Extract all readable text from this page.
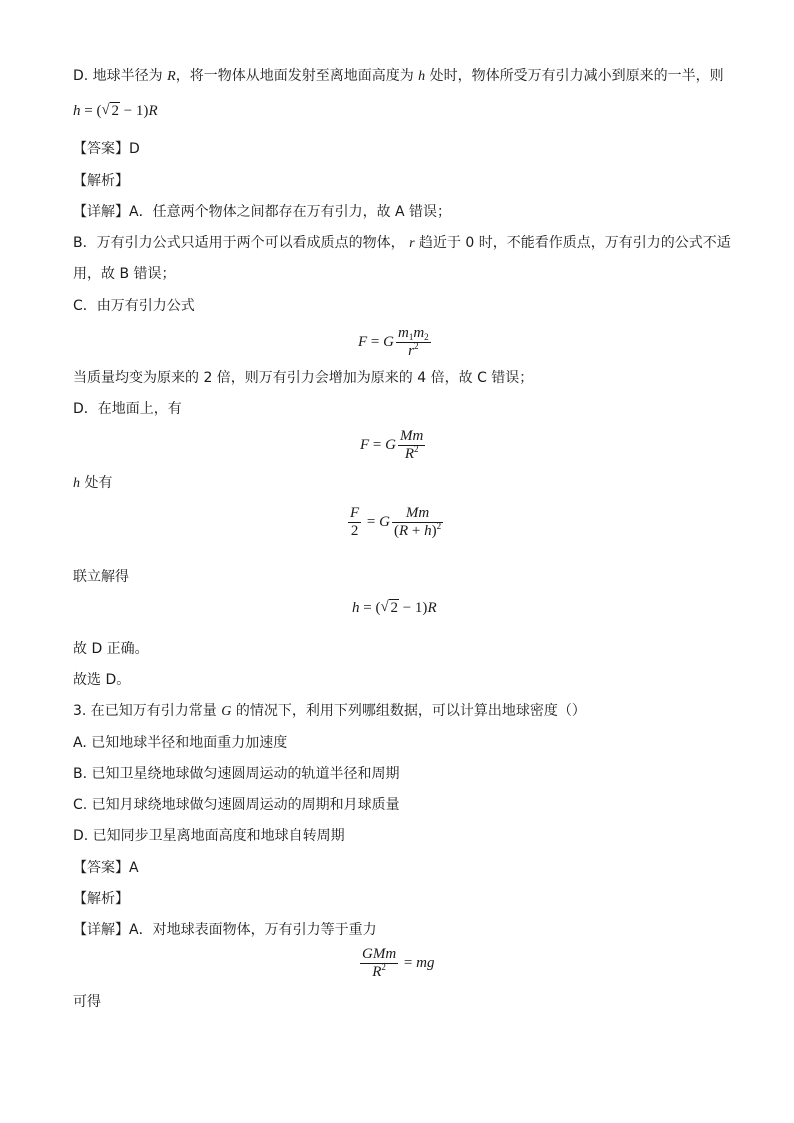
D. 地球半径为 R，将一物体从地面发射至离地面高度为 h 处时，物体所受万有引力减小到原来的一半，则
h = ( √ 2 − 1)R
【答案】D
【解析】
【详解】A．任意两个物体之间都存在万有引力，故 A 错误；
B．万有引力公式只适用于两个可以看成质点的物体， r 趋近于 0 时，不能看作质点，万有引力的公式不适
用，故 B 错误；
C．由万有引力公式
F = G $\frac{m_1m_2}{r^2}$
当质量均变为原来的 2 倍，则万有引力会增加为原来的 4 倍，故 C 错误；
D．在地面上，有
F = G $\frac{Mm}{R^2}$
h 处有
$\frac{F}{2} = G \frac{Mm}{(R + h)^2}$
联立解得
h = ( √ 2 − 1)R
故 D 正确。
故选 D。
3. 在已知万有引力常量 G 的情况下，利用下列哪组数据，可以计算出地球密度（）
A. 已知地球半径和地面重力加速度
B. 已知卫星绕地球做匀速圆周运动的轨道半径和周期
C. 已知月球绕地球做匀速圆周运动的周期和月球质量
D. 已知同步卫星离地面高度和地球自转周期
【答案】A
【解析】
【详解】A．对地球表面物体，万有引力等于重力
$\frac{\text{GMm}}{R^2}$ = mg
可得
